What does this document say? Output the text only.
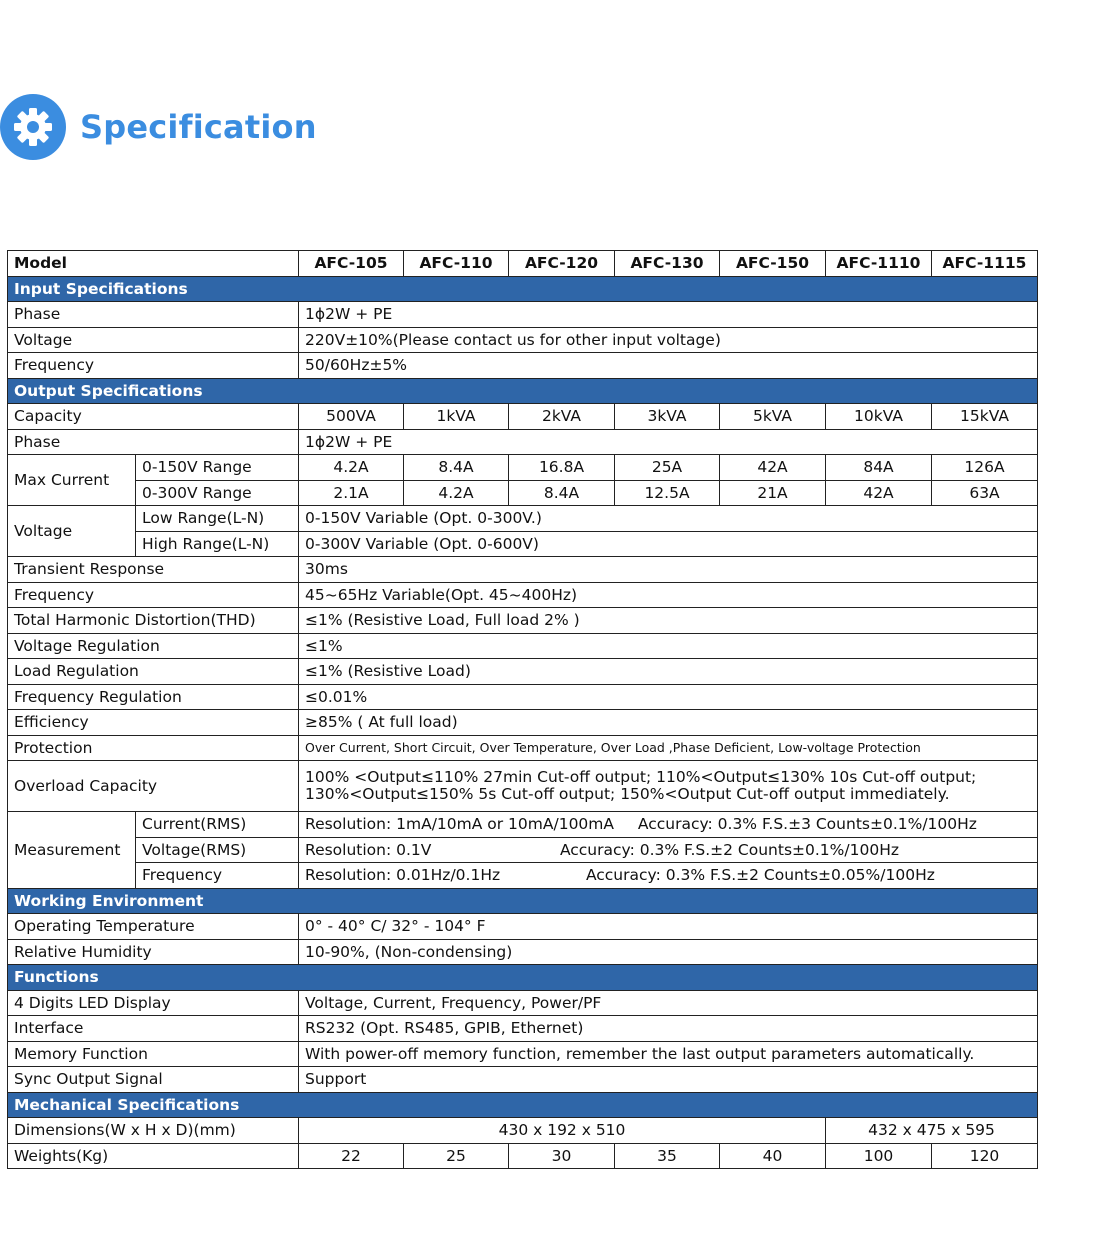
Specification
Model		AFC-105	AFC-110	AFC-120	AFC-130	AFC-150	AFC-1110	AFC-1115
Input Specifications								
Phase		1ϕ2W + PE						
Voltage		220V±10%(Please contact us for other input voltage)						
Frequency		50/60Hz±5%						
Output Specifications								
Capacity		500VA	1kVA	2kVA	3kVA	5kVA	10kVA	15kVA
Phase		1ϕ2W + PE						
Max Current	0-150V Range	4.2A	8.4A	16.8A	25A	42A	84A	126A
	0-300V Range	2.1A	4.2A	8.4A	12.5A	21A	42A	63A
Voltage	Low Range(L-N)	0-150V Variable (Opt. 0-300V.)						
	High Range(L-N)	0-300V Variable (Opt. 0-600V)						
Transient Response		30ms						
Frequency		45~65Hz Variable(Opt. 45~400Hz)						
Total Harmonic Distortion(THD)		≤1% (Resistive Load, Full load 2% )						
Voltage Regulation		≤1%						
Load Regulation		≤1% (Resistive Load)						
Frequency Regulation		≤0.01%						
Efficiency		≥85% ( At full load)						
Protection		Over Current, Short Circuit, Over Temperature, Over Load ,Phase Deficient, Low-voltage Protection						
Overload Capacity		100% <Output≤110% 27min Cut-off output; 110%<Output≤130% 10s Cut-off output;
130%<Output≤150% 5s Cut-off output; 150%<Output Cut-off output immediately.						

Measurement	Current(RMS)	Resolution: 1mA/10mA or 10mA/100mA Accuracy: 0.3% F.S.±3 Counts±0.1%/100Hz						
	Voltage(RMS)	Resolution: 0.1V Accuracy: 0.3% F.S.±2 Counts±0.1%/100Hz						
	Frequency	Resolution: 0.01Hz/0.1Hz Accuracy: 0.3% F.S.±2 Counts±0.05%/100Hz						
Working Environment								
Operating Temperature		0° - 40° C/ 32° - 104° F						
Relative Humidity		10-90%, (Non-condensing)						
Functions								
4 Digits LED Display		Voltage, Current, Frequency, Power/PF						
Interface		RS232 (Opt. RS485, GPIB, Ethernet)						
Memory Function		With power-off memory function, remember the last output parameters automatically.						
Sync Output Signal		Support						
Mechanical Specifications								
Dimensions(W x H x D)(mm)		430 x 192 x 510					432 x 475 x 595	
Weights(Kg)		22	25	30	35	40	100	120
